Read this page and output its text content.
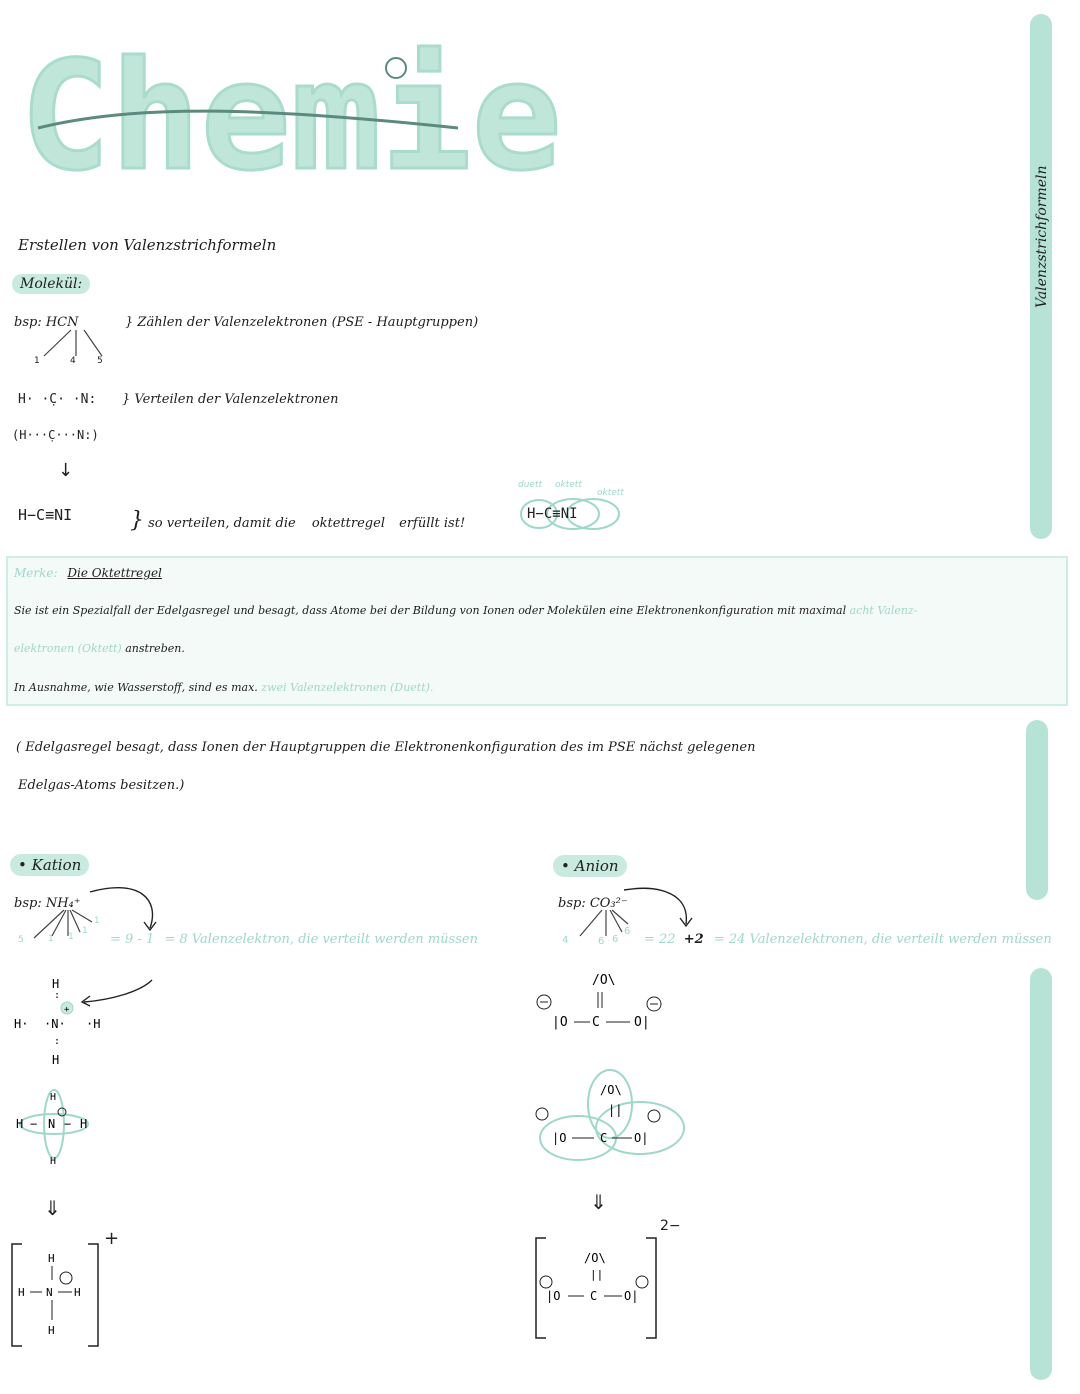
Chemie
Valenzstrichformeln
Erstellen von Valenzstrichformeln
Molekül:
bsp: HCN
1	4 5
} Zählen der Valenzelektronen (PSE - Hauptgruppen)
H· ·C̣· ·N: } Verteilen der Valenzelektronen
(H···C̣···N:)
↓
H−C≡NI	} so verteilen, damit die oktettregel erfüllt ist!
duett oktett
oktett
H−C≡NI
Merke: Die Oktettregel
Sie ist ein Spezialfall der Edelgasregel und besagt, dass Atome bei der Bildung von Ionen oder Molekülen eine Elektronenkonfiguration mit maximal acht Valenz-
elektronen (Oktett) anstreben.
In Ausnahme, wie Wasserstoff, sind es max. zwei Valenzelektronen (Duett).
( Edelgasregel besagt, dass Ionen der Hauptgruppen die Elektronenkonfiguration des im PSE nächst gelegenen
Edelgas-Atoms besitzen.)
• Kation
bsp: NH₄⁺
5	1 1
1
1
= 9 - 1 = 8 Valenzelektron, die verteilt werden müssen
H
:
+
H· ·N· ·H
:
H
H − N − H
H
H
⇓
H
H N H
H
+
• Anion
bsp: CO₃²⁻
4	6 6
6
= 22 +2 = 24 Valenzelektronen, die verteilt werden müssen
/O\
|O C	O|
/O\
||
|O	C O|
⇓
/O\
||
|O C O|
2−
